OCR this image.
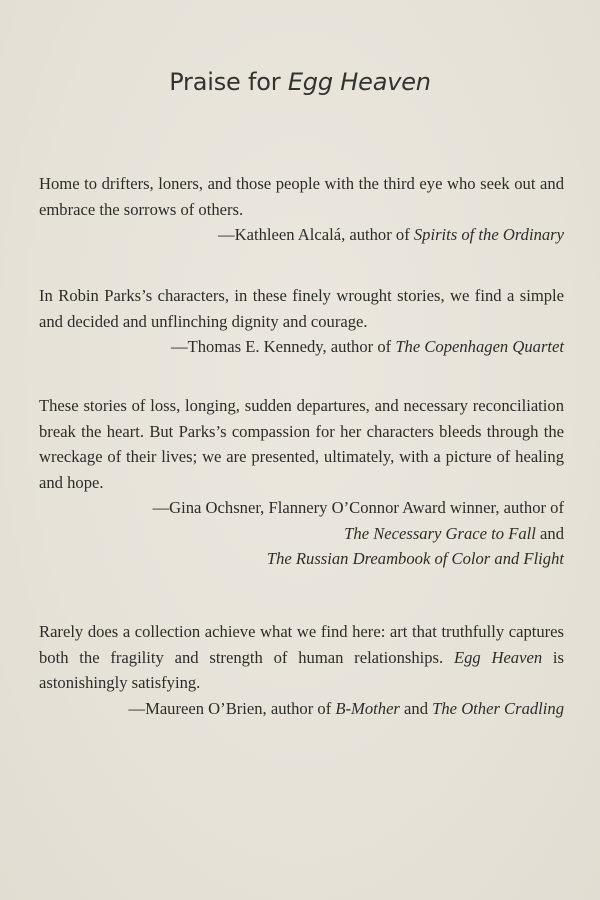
Praise for Egg Heaven

Home to drifters, loners, and those people with the third eye who seek out and embrace the sorrows of others.

—Kathleen Alcalá, author of Spirits of the Ordinary

In Robin Parks’s characters, in these finely wrought stories, we find a simple and decided and unflinching dignity and courage.

—Thomas E. Kennedy, author of The Copenhagen Quartet

These stories of loss, longing, sudden departures, and necessary reconciliation break the heart. But Parks’s compassion for her characters bleeds through the wreckage of their lives; we are presented, ultimately, with a picture of healing and hope.

—Gina Ochsner, Flannery O’Connor Award winner, author of
The Necessary Grace to Fall and
The Russian Dreambook of Color and Flight

Rarely does a collection achieve what we find here: art that truthfully captures both the fragility and strength of human relationships. Egg Heaven is astonishingly satisfying.

—Maureen O’Brien, author of B-Mother and The Other Cradling
